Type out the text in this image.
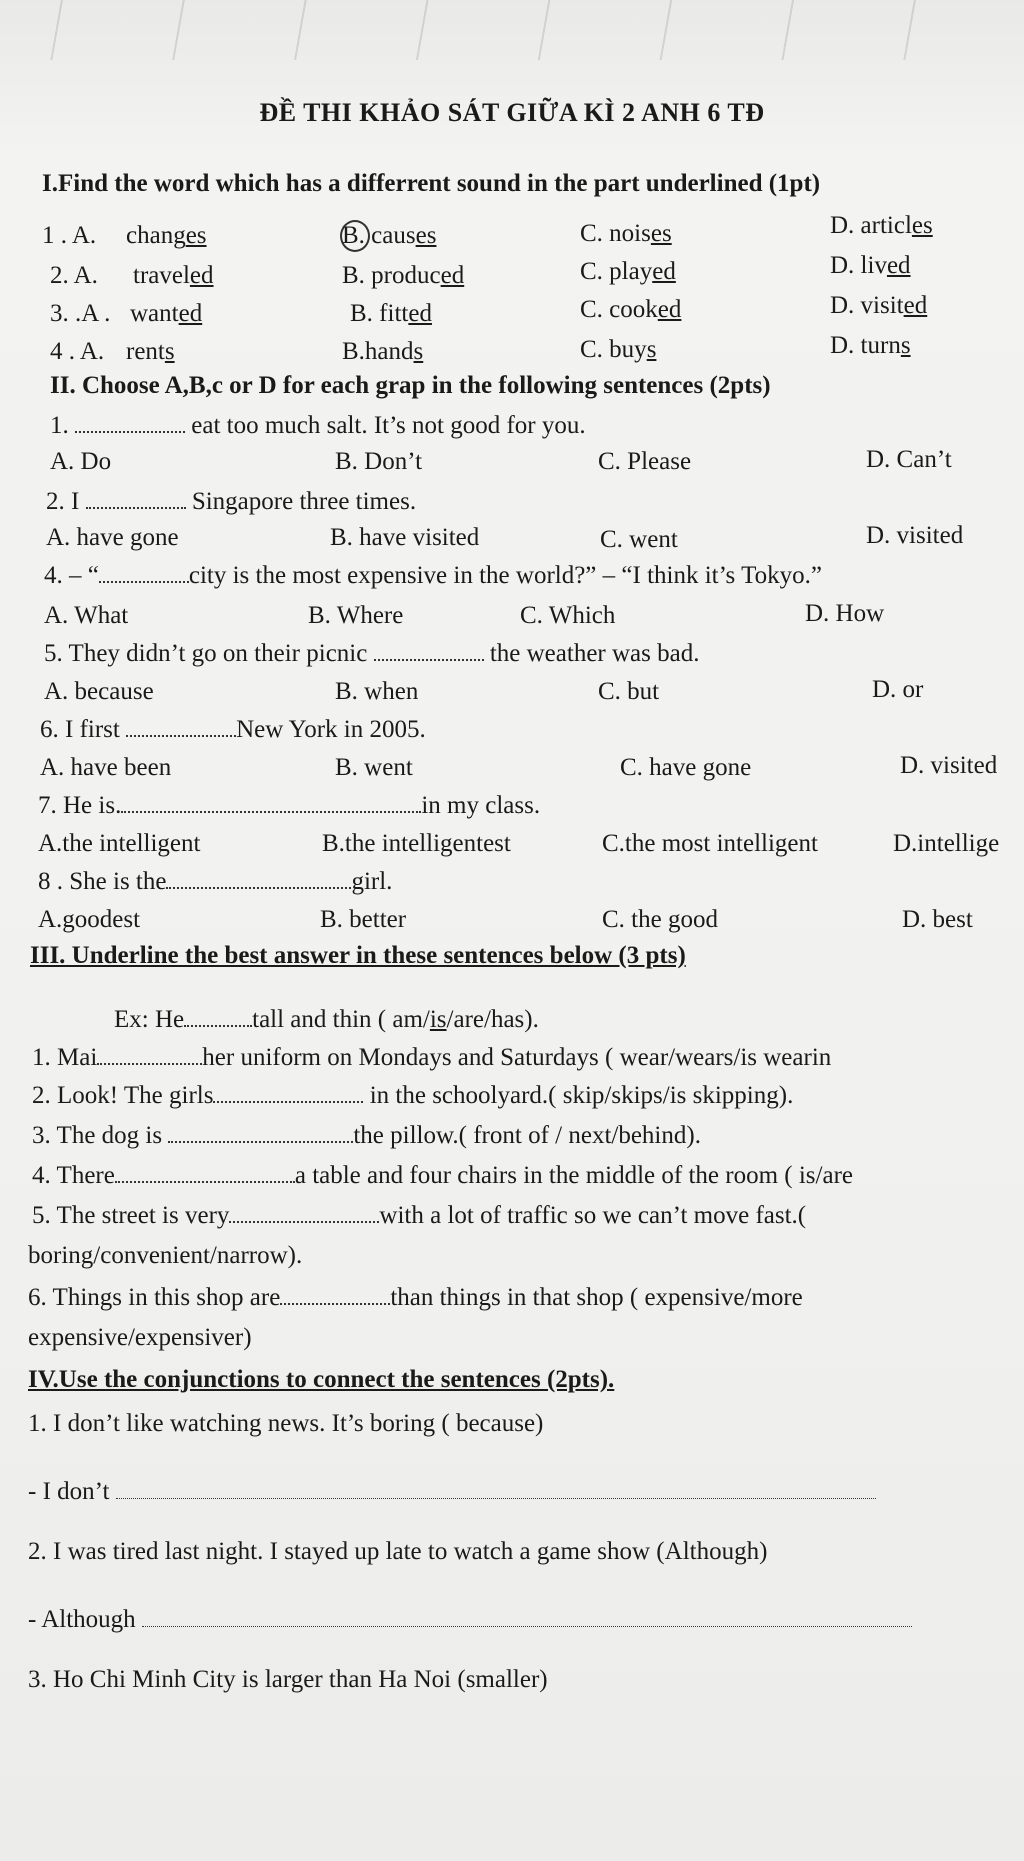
ĐỀ THI KHẢO SÁT GIỮA KÌ 2 ANH 6 TĐ
I.Find the word which has a differrent sound in the part underlined (1pt)
1 . A. changes	B. causes	C. noises	D. articles
2. A. traveled	B. produced	C. played	D. lived
3. .A . wanted	B. fitted	C. cooked	D. visited
4 . A. rents	B.hands	C. buys	D. turns
II. Choose A,B,c or D for each grap in the following sentences (2pts)
1.	eat too much salt. It’s not good for you.
A. Do	B. Don’t	C. Please	D. Can’t
2. I	Singapore three times.
A. have gone	B. have visited	C. went	D. visited
4. – “	city is the most expensive in the world?” – “I think it’s Tokyo.”
A. What	B. Where	C. Which	D. How
5. They didn’t go on their picnic	the weather was bad.
A. because	B. when	C. but	D. or
6. I first	New York in 2005.
A. have been	B. went	C. have gone	D. visited
7. He is.	in my class.
A.the intelligent	B.the intelligentest	C.the most intelligent	D.intellige
8 . She is the	girl.
A.goodest	B. better	C. the good	D. best
III. Underline the best answer in these sentences below (3 pts)
Ex: He	tall and thin ( am/is/are/has).
1. Mai	her uniform on Mondays and Saturdays ( wear/wears/is wearin
2. Look! The girls	in the schoolyard.( skip/skips/is skipping).
3. The dog is	the pillow.( front of / next/behind).
4. There	a table and four chairs in the middle of the room ( is/are
5. The street is very	with a lot of traffic so we can’t move fast.(
boring/convenient/narrow).
6. Things in this shop are	than things in that shop ( expensive/more
expensive/expensiver)
IV.Use the conjunctions to connect the sentences (2pts).
1. I don’t like watching news. It’s boring ( because)
- I don’t
2. I was tired last night. I stayed up late to watch a game show (Although)
- Although
3. Ho Chi Minh City is larger than Ha Noi (smaller)
